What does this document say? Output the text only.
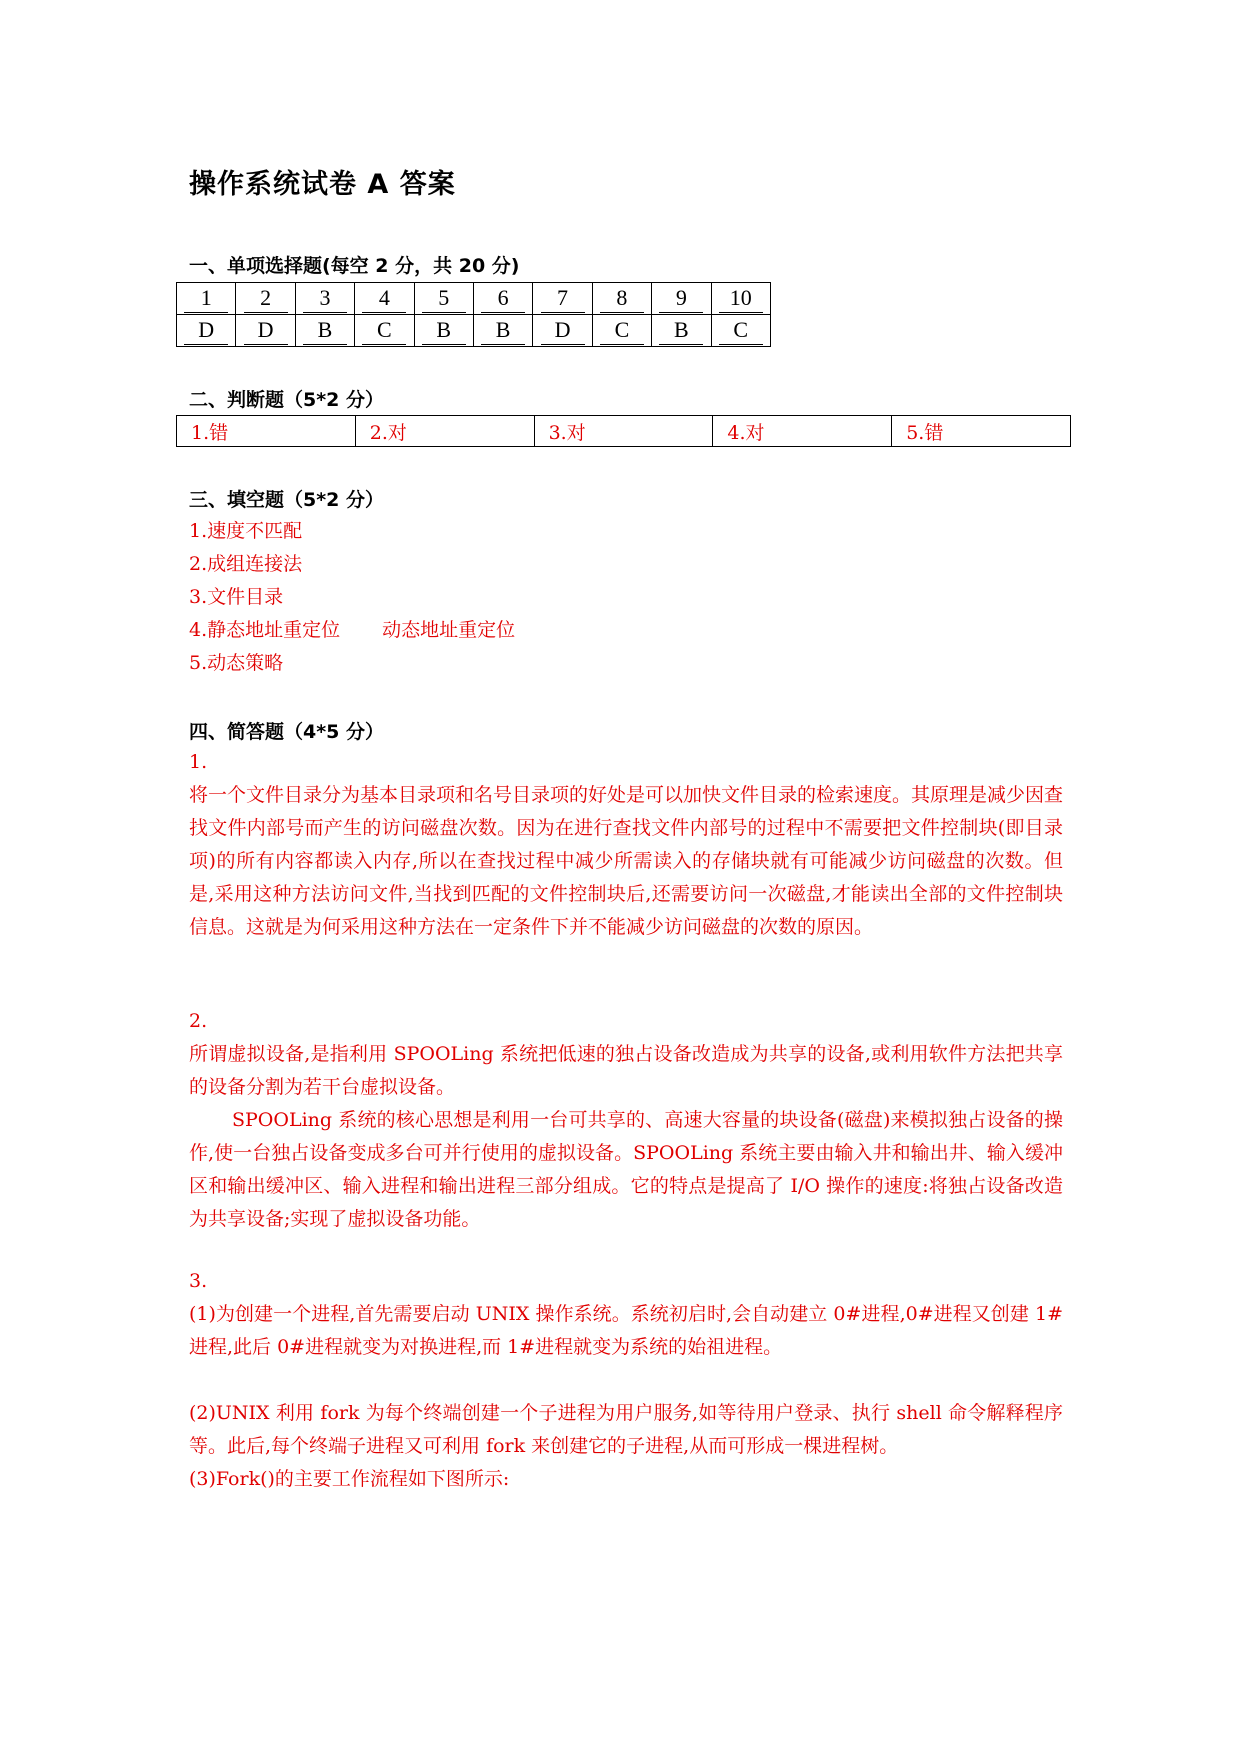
操作系统试卷 A 答案
一、单项选择题(每空 2 分，共 20 分)
1	2	3	4	5	6	7	8	9	10
D	D	B	C	B	B	D	C	B	C
二、判断题（5*2 分）
1.错	2.对	3.对	4.对	5.错
三、填空题（5*2 分）
1.速度不匹配
2.成组连接法
3.文件目录
4.静态地址重定位 动态地址重定位
5.动态策略
四、简答题（4*5 分）

1.

将一个文件目录分为基本目录项和名号目录项的好处是可以加快文件目录的检索速度。其原理是减少因查找文件内部号而产生的访问磁盘次数。因为在进行查找文件内部号的过程中不需要把文件控制块(即目录项)的所有内容都读入内存,所以在查找过程中减少所需读入的存储块就有可能减少访问磁盘的次数。但是,采用这种方法访问文件,当找到匹配的文件控制块后,还需要访问一次磁盘,才能读出全部的文件控制块信息。这就是为何采用这种方法在一定条件下并不能减少访问磁盘的次数的原因。

2.

所谓虚拟设备,是指利用 SPOOLing 系统把低速的独占设备改造成为共享的设备,或利用软件方法把共享的设备分割为若干台虚拟设备。

SPOOLing 系统的核心思想是利用一台可共享的、高速大容量的块设备(磁盘)来模拟独占设备的操作,使一台独占设备变成多台可并行使用的虚拟设备。SPOOLing 系统主要由输入井和输出井、输入缓冲区和输出缓冲区、输入进程和输出进程三部分组成。它的特点是提高了 I/O 操作的速度:将独占设备改造为共享设备;实现了虚拟设备功能。

3.

(1)为创建一个进程,首先需要启动 UNIX 操作系统。系统初启时,会自动建立 0#进程,0#进程又创建 1#进程,此后 0#进程就变为对换进程,而 1#进程就变为系统的始祖进程。

(2)UNIX 利用 fork 为每个终端创建一个子进程为用户服务,如等待用户登录、执行 shell 命令解释程序等。此后,每个终端子进程又可利用 fork 来创建它的子进程,从而可形成一棵进程树。

(3)Fork()的主要工作流程如下图所示:
